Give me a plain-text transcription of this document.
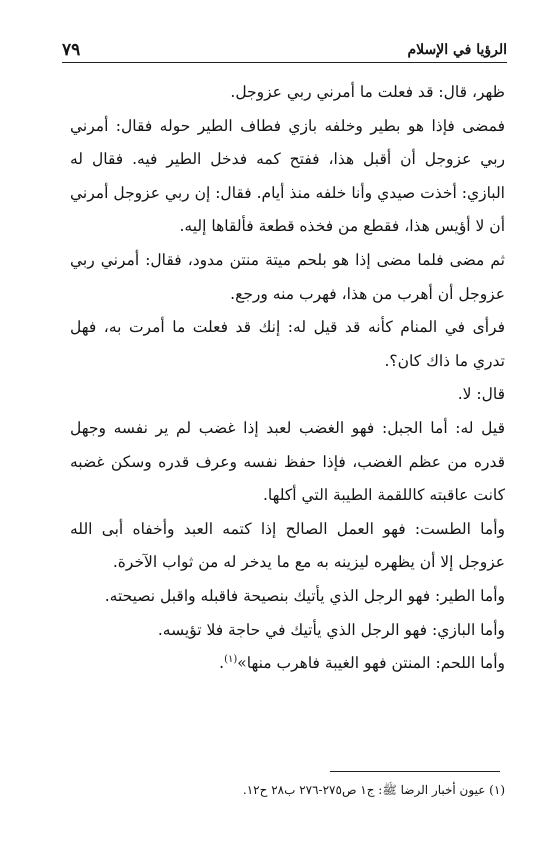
الرؤيا في الإسلام
٧٩

ظهر، قال: قد فعلت ما أمرني ربي عزوجل.

فمضى فإذا هو بطير وخلفه بازي فطاف الطير حوله فقال: أمرني ربي عزوجل أن أقبل هذا، ففتح كمه فدخل الطير فيه. فقال له البازي: أخذت صيدي وأنا خلفه منذ أيام. فقال: إن ربي عزوجل أمرني أن لا أؤيس هذا، فقطع من فخذه قطعة فألقاها إليه.

ثم مضى فلما مضى إذا هو بلحم ميتة منتن مدود، فقال: أمرني ربي عزوجل أن أهرب من هذا، فهرب منه ورجع.

فرأى في المنام كأنه قد قيل له: إنك قد فعلت ما أمرت به، فهل تدري ما ذاك كان؟.

قال: لا.

قيل له: أما الجبل: فهو الغضب لعبد إذا غضب لم ير نفسه وجهل قدره من عظم الغضب، فإذا حفظ نفسه وعرف قدره وسكن غضبه كانت عاقبته كاللقمة الطيبة التي أكلها.

وأما الطست: فهو العمل الصالح إذا كتمه العبد وأخفاه أبى الله عزوجل إلا أن يظهره ليزينه به مع ما يدخر له من ثواب الآخرة.

وأما الطير: فهو الرجل الذي يأتيك بنصيحة فاقبله واقبل نصيحته.

وأما البازي: فهو الرجل الذي يأتيك في حاجة فلا تؤيسه.

وأما اللحم: المنتن فهو الغيبة فاهرب منها»$^{(١)}$.

(١) عيون أخبار الرضا ﷺ: ج١ ص٢٧٥-٢٧٦ ب٢٨ ح١٢.
